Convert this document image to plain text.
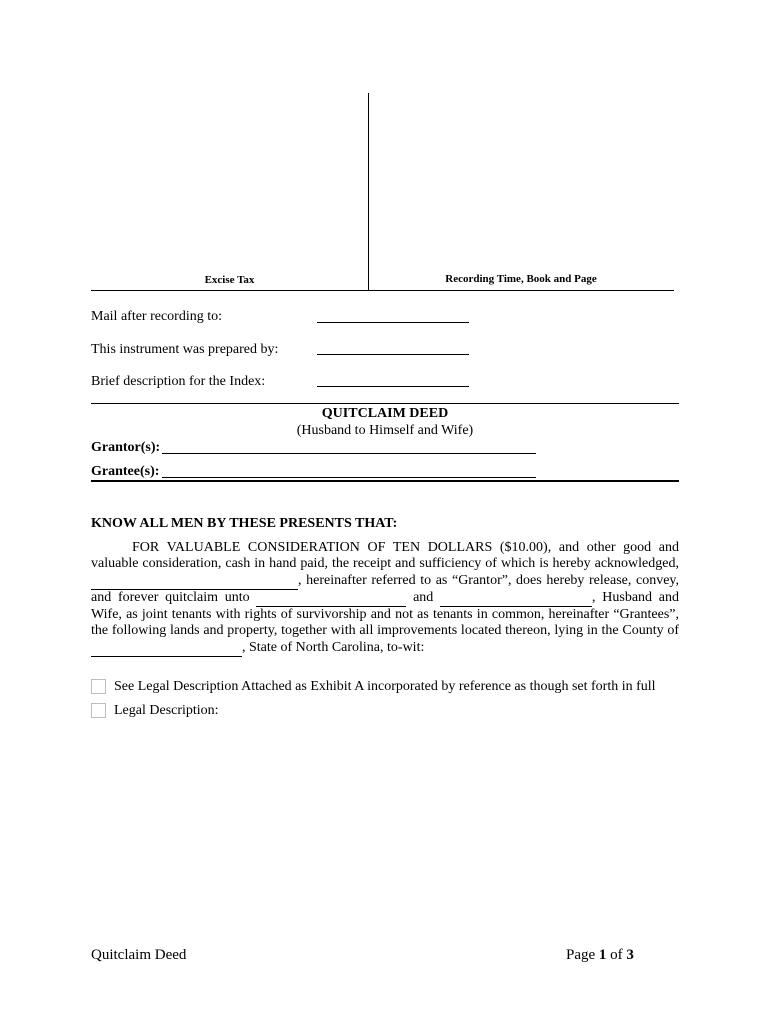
Excise Tax	Recording Time, Book and Page
Mail after recording to:
This instrument was prepared by:
Brief description for the Index:
QUITCLAIM DEED
(Husband to Himself and Wife)
Grantor(s):
Grantee(s):
KNOW ALL MEN BY THESE PRESENTS THAT:
FOR VALUABLE CONSIDERATION OF TEN DOLLARS ($10.00), and other good and valuable consideration, cash in hand paid, the receipt and sufficiency of which is hereby acknowledged,  , hereinafter referred to as “Grantor”, does hereby release, convey, and forever quitclaim unto	and	, Husband and Wife, as joint tenants with rights of survivorship and not as tenants in common, hereinafter “Grantees”, the following lands and property, together with all improvements located thereon, lying in the County of  , State of North Carolina, to-wit:
See Legal Description Attached as Exhibit A incorporated by reference as though set forth in full
Legal Description:
Quitclaim Deed	Page 1 of 3
